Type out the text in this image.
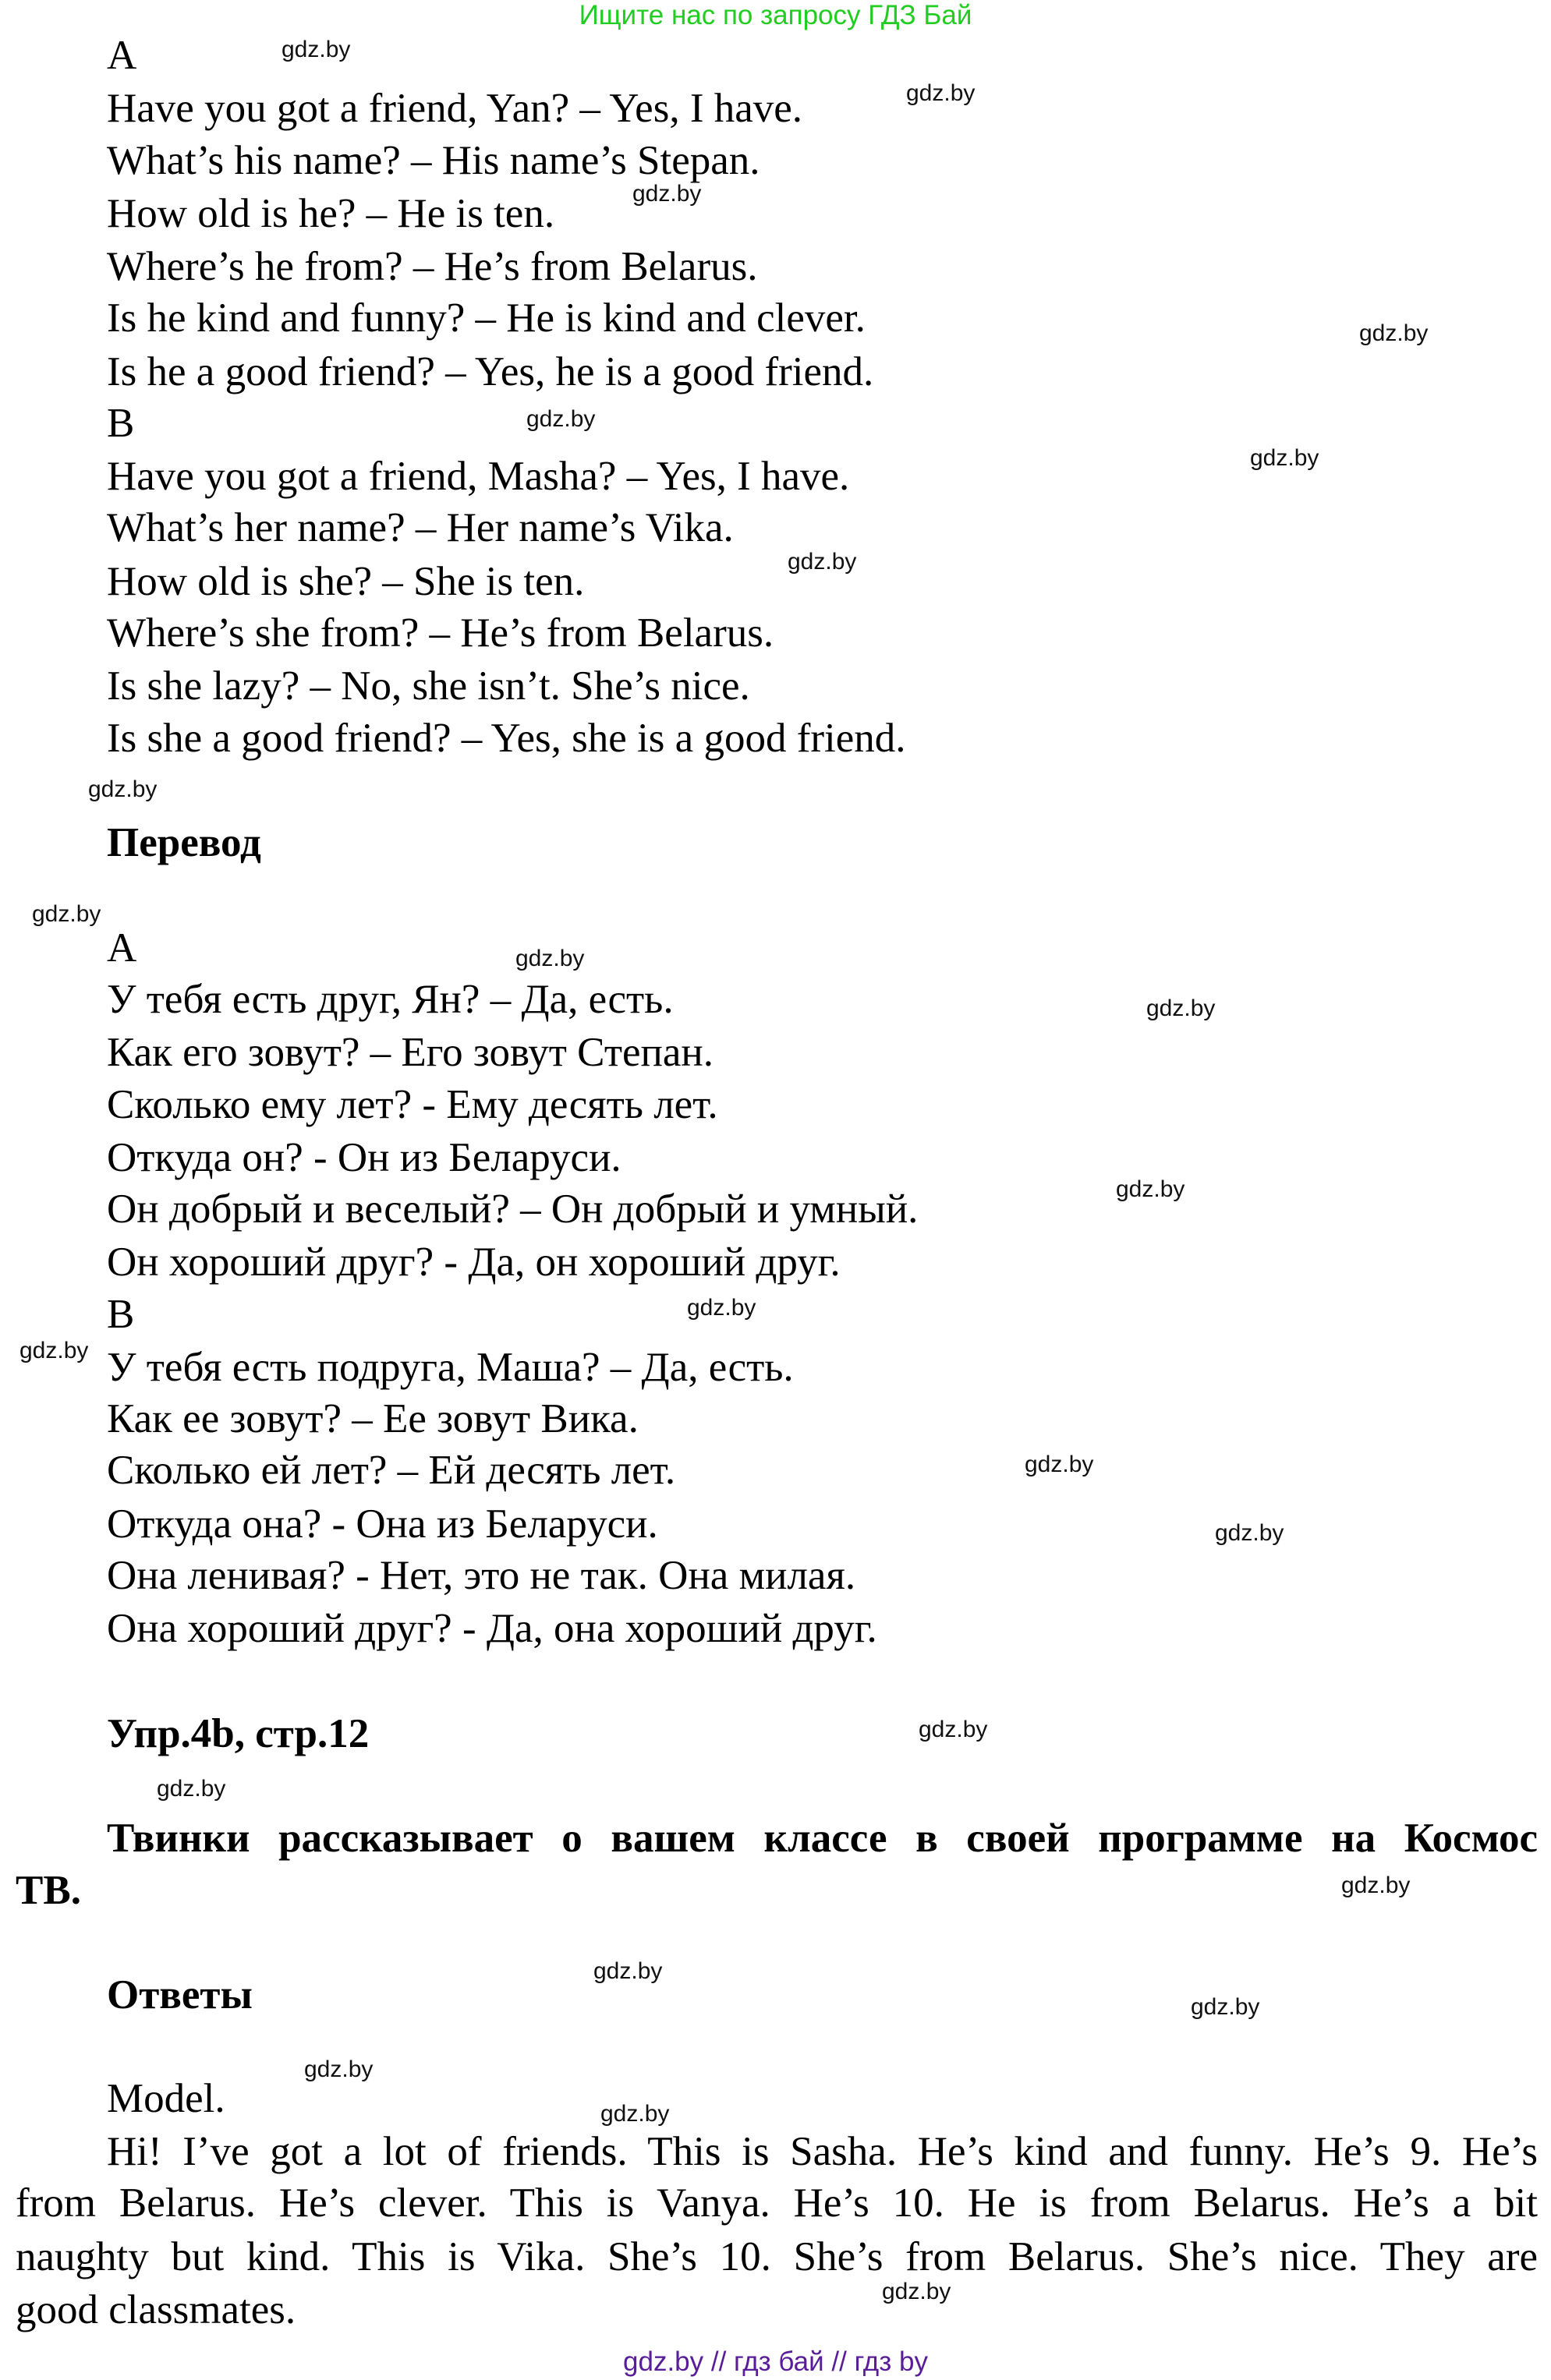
Ищите нас по запросу ГДЗ Бай
A
Have you got a friend, Yan? – Yes, I have.
What’s his name? – His name’s Stepan.
How old is he? – He is ten.
Where’s he from? – He’s from Belarus.
Is he kind and funny? – He is kind and clever.
Is he a good friend? – Yes, he is a good friend.
B
Have you got a friend, Masha? – Yes, I have.
What’s her name? – Her name’s Vika.
How old is she? – She is ten.
Where’s she from? – He’s from Belarus.
Is she lazy? – No, she isn’t. She’s nice.
Is she a good friend? – Yes, she is a good friend.
Перевод
А
У тебя есть друг, Ян? – Да, есть.
Как его зовут? – Его зовут Степан.
Сколько ему лет? - Ему десять лет.
Откуда он? - Он из Беларуси.
Он добрый и веселый? – Он добрый и умный.
Он хороший друг? - Да, он хороший друг.
В
У тебя есть подруга, Маша? – Да, есть.
Как ее зовут? – Ее зовут Вика.
Сколько ей лет? – Ей десять лет.
Откуда она? - Она из Беларуси.
Она ленивая? - Нет, это не так. Она милая.
Она хороший друг? - Да, она хороший друг.
Упр.4b, стр.12
Твинки рассказывает о вашем классе в своей программе на Космос
ТВ.
Ответы
Model.
Hi! I’ve got a lot of friends. This is Sasha. He’s kind and funny. He’s 9. He’s
from Belarus. He’s clever. This is Vanya. He’s 10. He is from Belarus. He’s a bit
naughty but kind. This is Vika. She’s 10. She’s from Belarus. She’s nice. They are
good classmates.
gdz.by
gdz.by
gdz.by
gdz.by
gdz.by
gdz.by
gdz.by
gdz.by
gdz.by
gdz.by
gdz.by
gdz.by
gdz.by
gdz.by
gdz.by
gdz.by
gdz.by
gdz.by
gdz.by
gdz.by
gdz.by
gdz.by
gdz.by
gdz.by
gdz.by // гдз бай // гдз by
